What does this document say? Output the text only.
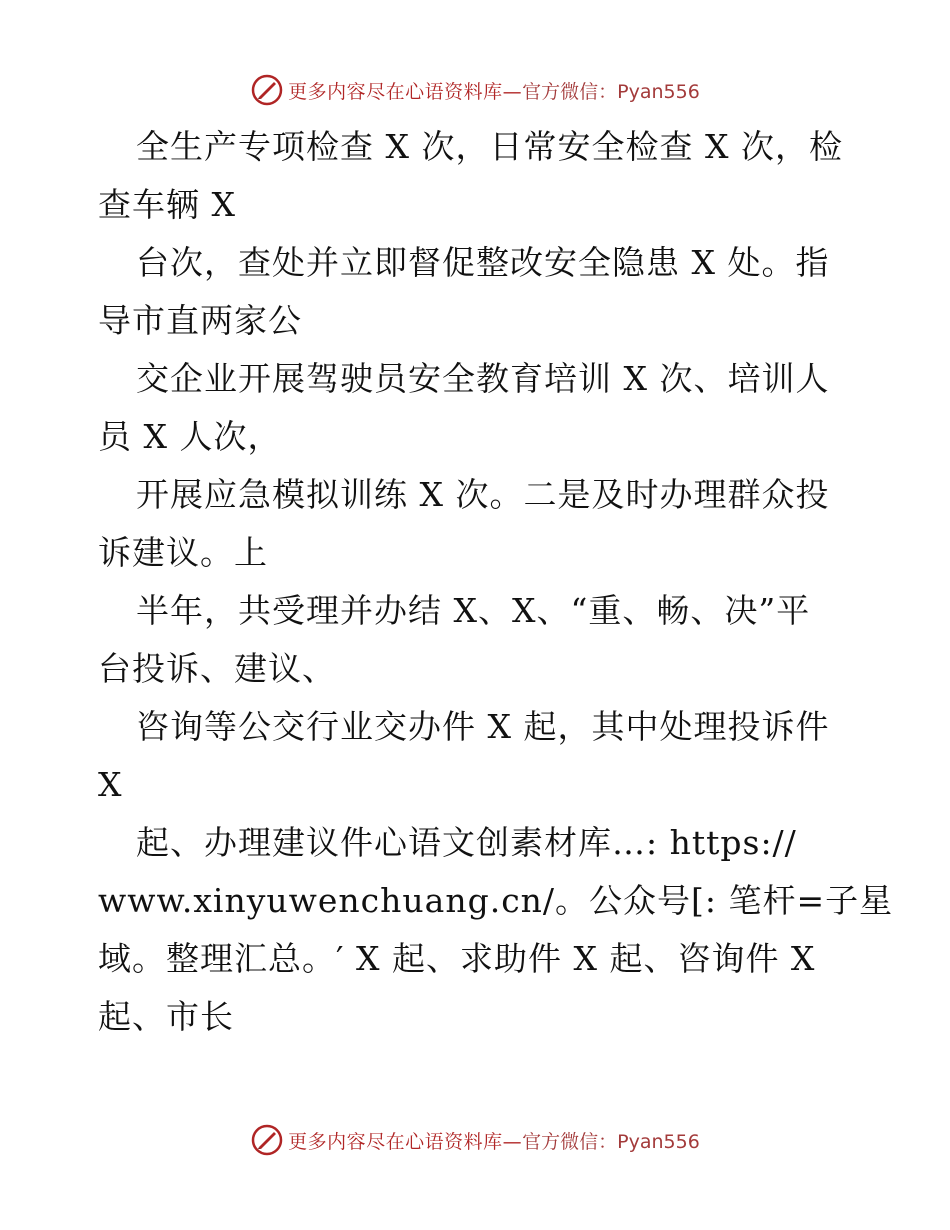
更多内容尽在心语资料库— 官方微信：Pyan556
全生产专项检查 X 次，日常安全检查 X 次，检
查车辆 X
台次，查处并立即督促整改安全隐患 X 处。指
导市直两家公
交企业开展驾驶员安全教育培训 X 次、培训人
员 X 人次，
开展应急模拟训练 X 次。二是及时办理群众投
诉建议。上
半年，共受理并办结 X、X、“重、畅、决”平
台投诉、建议、
咨询等公交行业交办件 X 起，其中处理投诉件
X
起、办理建议件心语文创素材库…: https://
www.xinyuwenchuang.cn/。公众号[: 笔杆=子星
域。整理汇总。′ X 起、求助件 X 起、咨询件 X
起、市长
更多内容尽在心语资料库— 官方微信：Pyan556
